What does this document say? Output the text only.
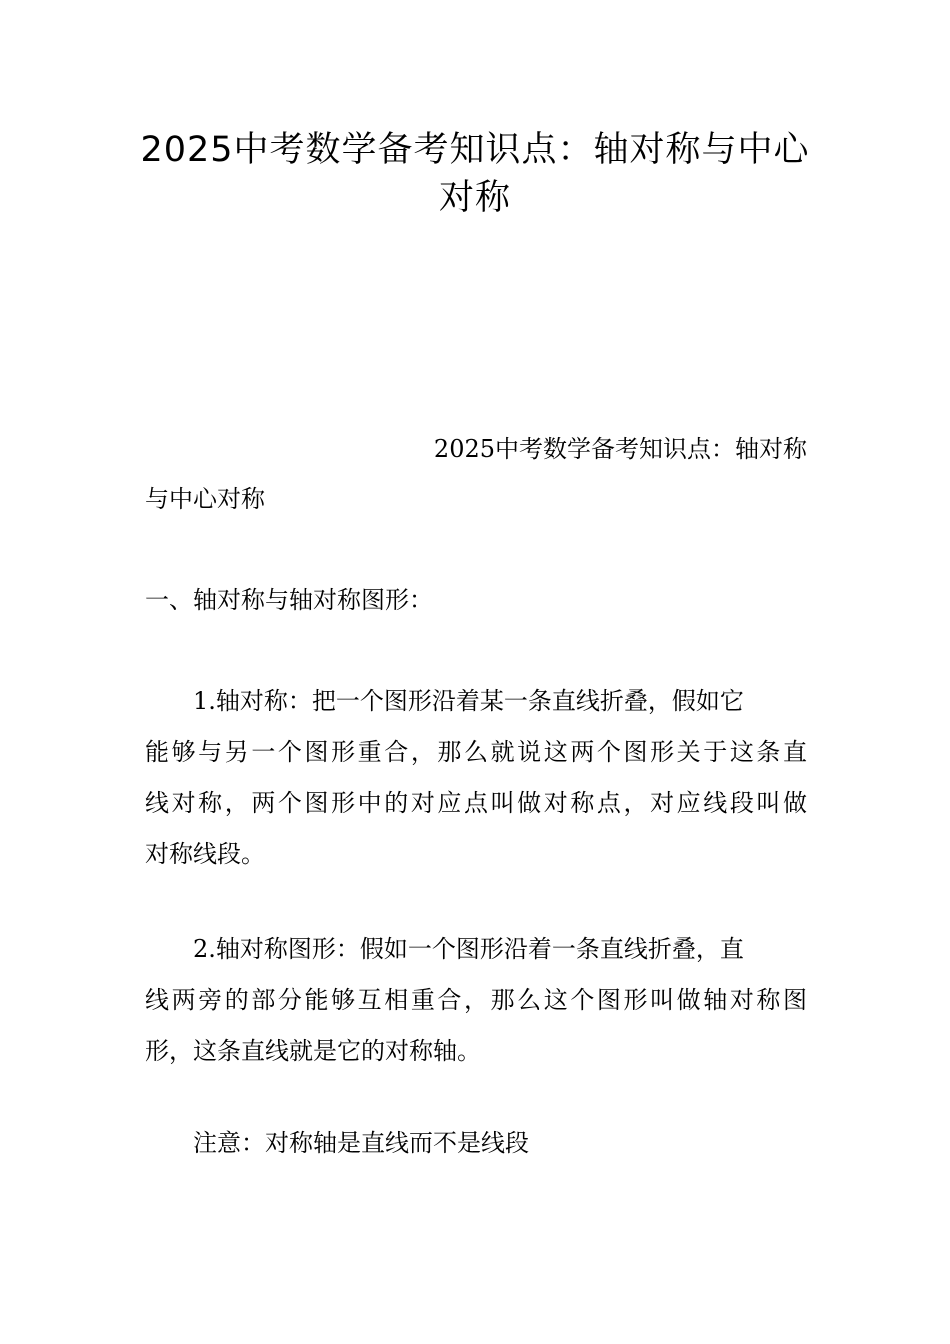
2025中考数学备考知识点：轴对称与中心
对称

2025中考数学备考知识点：轴对称

与中心对称

一、轴对称与轴对称图形：

1.轴对称：把一个图形沿着某一条直线折叠，假如它
能够与另一个图形重合，那么就说这两个图形关于这条直
线对称，两个图形中的对应点叫做对称点，对应线段叫做
对称线段。
2.轴对称图形：假如一个图形沿着一条直线折叠，直
线两旁的部分能够互相重合，那么这个图形叫做轴对称图
形，这条直线就是它的对称轴。

注意：对称轴是直线而不是线段
